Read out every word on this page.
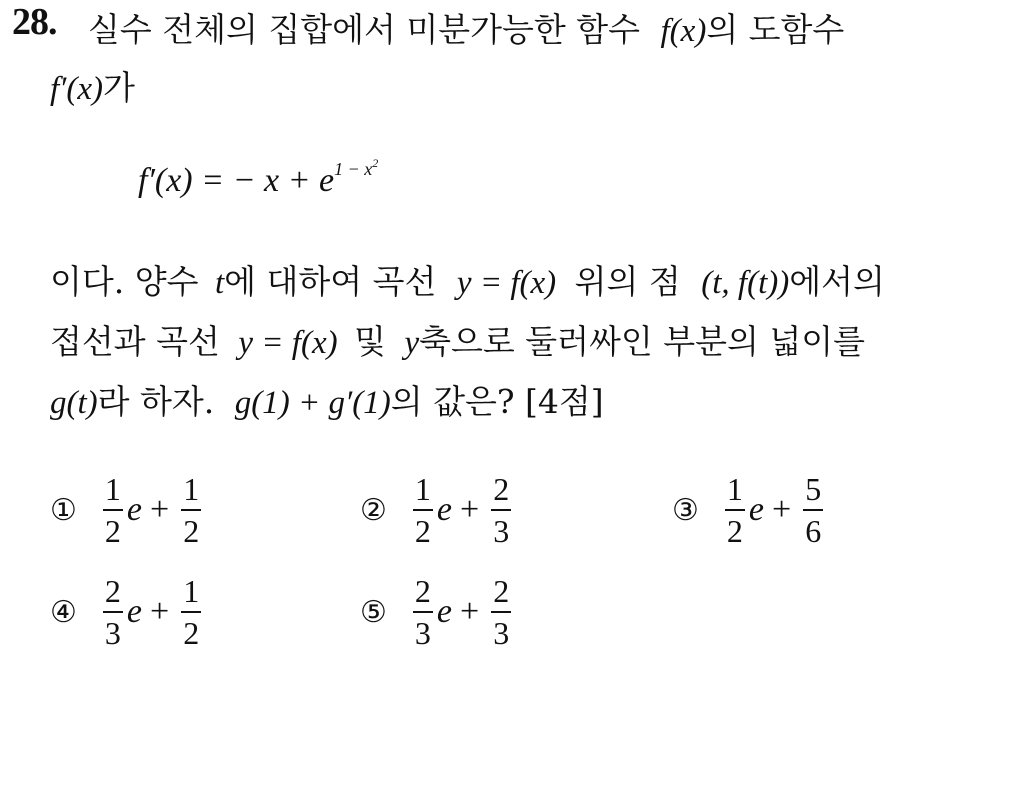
28. 실수 전체의 집합에서 미분가능한 함수 f(x)의 도함수
f′(x)가
f′(x) = − $x + e^{1 - x^2}$
이다. 양수 t에 대하여 곡선 y = f(x) 위의 점 (t, f(t))에서의
접선과 곡선 y = f(x) 및 y축으로 둘러싸인 부분의 넓이를
g(t)라 하자. g(1) + g′(1)의 값은? [4점]
① $\frac{1}{2}$ $e + \frac{1}{2}$	② $\frac{1}{2}$ $e + \frac{2}{3}$	③ $\frac{1}{2}$ $e + \frac{5}{6}$
④ $\frac{2}{3}$ $e + \frac{1}{2}$	⑤ $\frac{2}{3}$ $e + \frac{2}{3}$
